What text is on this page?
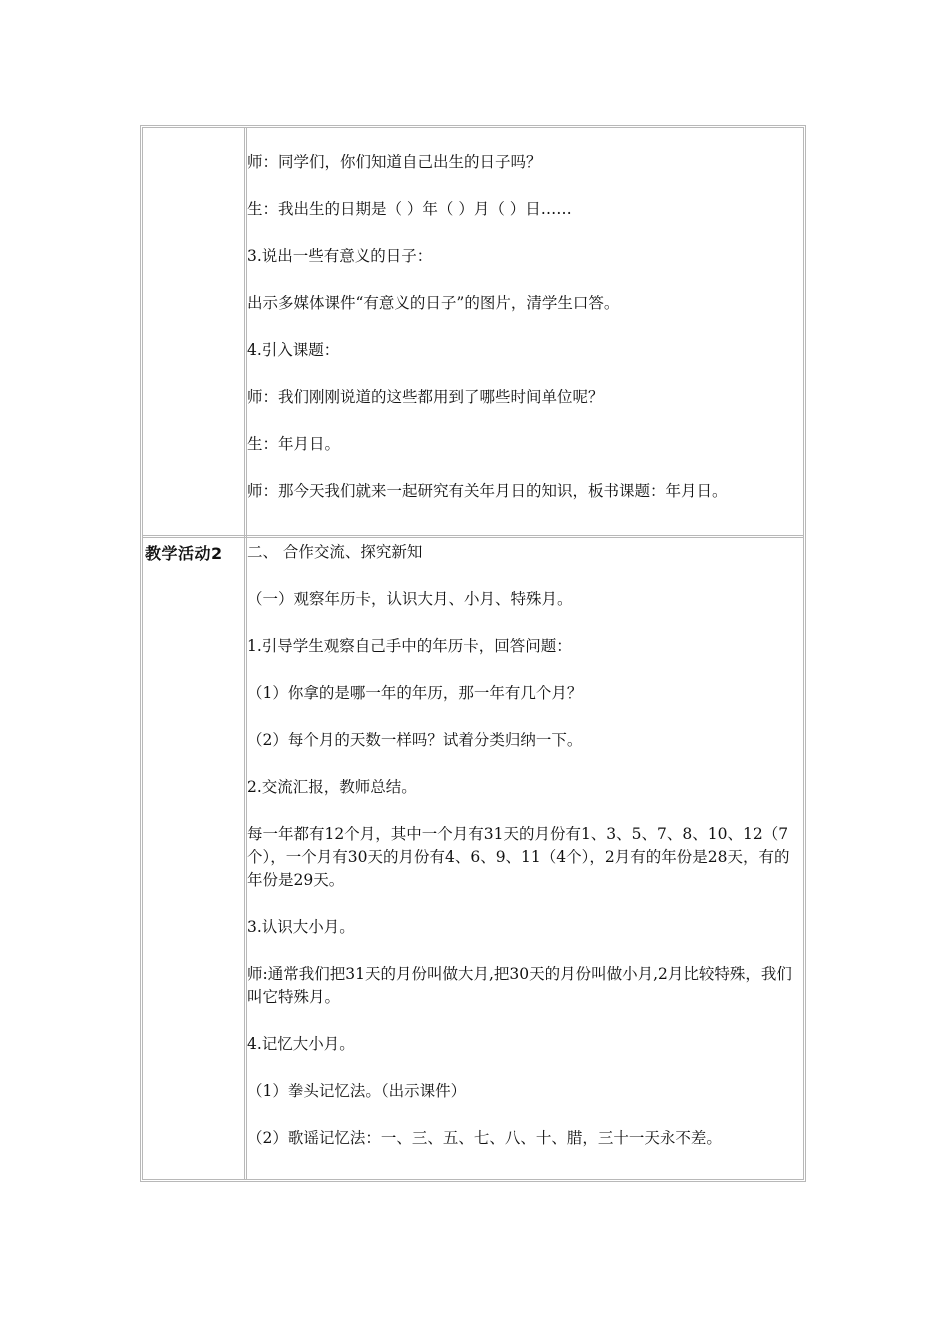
师：同学们，你们知道自己出生的日子吗？

生：我出生的日期是（ ）年（ ）月（ ）日……

3.说出一些有意义的日子：

出示多媒体课件“有意义的日子”的图片，清学生口答。

4.引入课题：

师：我们刚刚说道的这些都用到了哪些时间单位呢？

生：年月日。

师：那今天我们就来一起研究有关年月日的知识，板书课题：年月日。

教学活动2 二、 合作交流、探究新知

（一）观察年历卡，认识大月、小月、特殊月。

1.引导学生观察自己手中的年历卡，回答问题：

（1）你拿的是哪一年的年历，那一年有几个月？

（2）每个月的天数一样吗？试着分类归纳一下。

2.交流汇报，教师总结。

每一年都有12个月，其中一个月有31天的月份有1、3、5、7、8、10、12（7个），一个月有30天的月份有4、6、9、11（4个），2月有的年份是28天，有的年份是29天。

3.认识大小月。

师:通常我们把31天的月份叫做大月,把30天的月份叫做小月,2月比较特殊，我们叫它特殊月。

4.记忆大小月。

（1）拳头记忆法。（出示课件）

（2）歌谣记忆法：一、三、五、七、八、十、腊，三十一天永不差。
